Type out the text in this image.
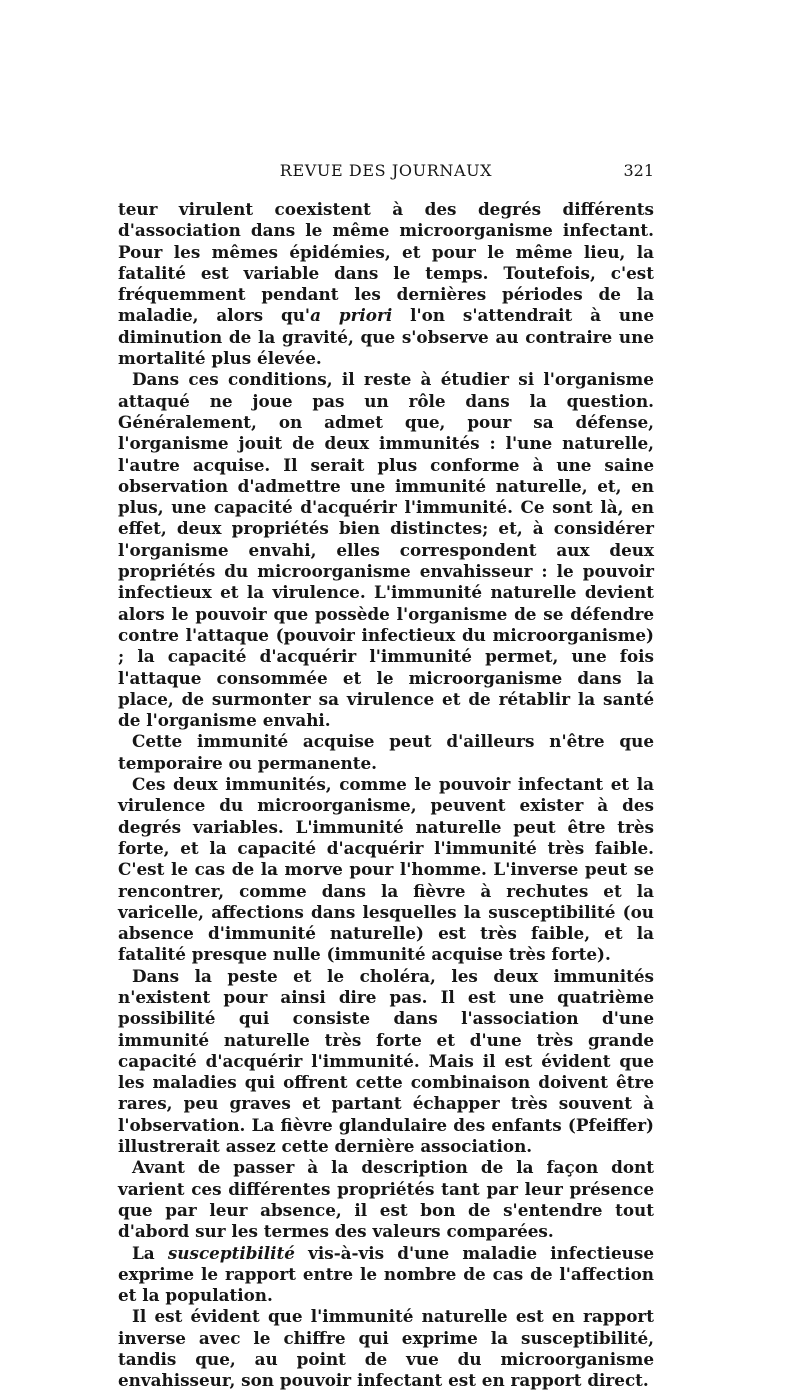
REVUE DES JOURNAUX	321

teur virulent coexistent à des degrés différents d'association dans le même microorganisme infectant. Pour les mêmes épidémies, et pour le même lieu, la fatalité est variable dans le temps. Toutefois, c'est fréquemment pendant les dernières périodes de la maladie, alors qu'a priori l'on s'attendrait à une diminution de la gravité, que s'observe au contraire une mortalité plus élevée.

Dans ces conditions, il reste à étudier si l'organisme attaqué ne joue pas un rôle dans la question. Généralement, on admet que, pour sa défense, l'organisme jouit de deux immunités : l'une naturelle, l'autre acquise. Il serait plus conforme à une saine observation d'admettre une immunité naturelle, et, en plus, une capacité d'acquérir l'immunité. Ce sont là, en effet, deux propriétés bien distinctes; et, à considérer l'organisme envahi, elles correspondent aux deux propriétés du microorganisme envahisseur : le pouvoir infectieux et la virulence. L'immunité naturelle devient alors le pouvoir que possède l'organisme de se défendre contre l'attaque (pouvoir infectieux du microorganisme) ; la capacité d'acquérir l'immunité permet, une fois l'attaque consommée et le microorganisme dans la place, de surmonter sa virulence et de rétablir la santé de l'organisme envahi.

Cette immunité acquise peut d'ailleurs n'être que temporaire ou permanente.

Ces deux immunités, comme le pouvoir infectant et la virulence du microorganisme, peuvent exister à des degrés variables. L'immunité naturelle peut être très forte, et la capacité d'acquérir l'immunité très faible. C'est le cas de la morve pour l'homme. L'inverse peut se rencontrer, comme dans la fièvre à rechutes et la varicelle, affections dans lesquelles la susceptibilité (ou absence d'immunité naturelle) est très faible, et la fatalité presque nulle (immunité acquise très forte).

Dans la peste et le choléra, les deux immunités n'existent pour ainsi dire pas. Il est une quatrième possibilité qui consiste dans l'association d'une immunité naturelle très forte et d'une très grande capacité d'acquérir l'immunité. Mais il est évident que les maladies qui offrent cette combinaison doivent être rares, peu graves et partant échapper très souvent à l'observation. La fièvre glandulaire des enfants (Pfeiffer) illustrerait assez cette dernière association.

Avant de passer à la description de la façon dont varient ces différentes propriétés tant par leur présence que par leur absence, il est bon de s'entendre tout d'abord sur les termes des valeurs comparées.

La susceptibilité vis-à-vis d'une maladie infectieuse exprime le rapport entre le nombre de cas de l'affection et la population.

Il est évident que l'immunité naturelle est en rapport inverse avec le chiffre qui exprime la susceptibilité, tandis que, au point de vue du microorganisme envahisseur, son pouvoir infectant est en rapport direct.
